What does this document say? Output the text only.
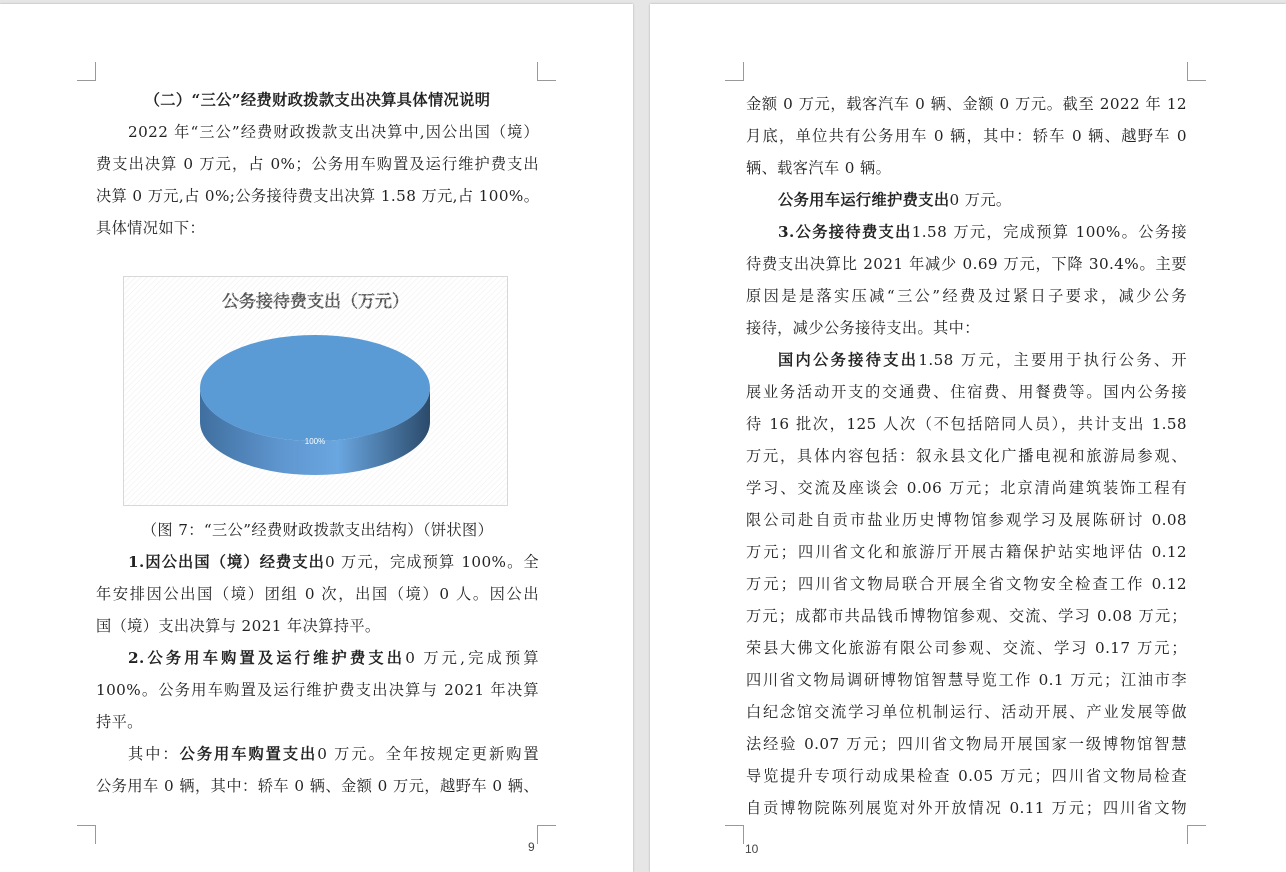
（二）“三公”经费财政拨款支出决算具体情况说明
2022 年“三公”经费财政拨款支出决算中,因公出国（境）
费支出决算 0 万元，占 0%；公务用车购置及运行维护费支出
决算 0 万元,占 0%;公务接待费支出决算 1.58 万元,占 100%。
具体情况如下：
100%
（图 7：“三公”经费财政拨款支出结构）（饼状图）
1.因公出国（境）经费支出0 万元，完成预算 100%。全
年安排因公出国（境）团组 0 次，出国（境）0 人。因公出
国（境）支出决算与 2021 年决算持平。
2.公务用车购置及运行维护费支出0 万元,完成预算
100%。公务用车购置及运行维护费支出决算与 2021 年决算
持平。
其中：公务用车购置支出0 万元。全年按规定更新购置
公务用车 0 辆，其中：轿车 0 辆、金额 0 万元，越野车 0 辆、
9
金额 0 万元，载客汽车 0 辆、金额 0 万元。截至 2022 年 12
月底，单位共有公务用车 0 辆，其中：轿车 0 辆、越野车 0
辆、载客汽车 0 辆。
公务用车运行维护费支出0 万元。
3.公务接待费支出1.58 万元，完成预算 100%。公务接
待费支出决算比 2021 年减少 0.69 万元，下降 30.4%。主要
原因是是落实压减“三公”经费及过紧日子要求，减少公务
接待，减少公务接待支出。其中：
国内公务接待支出1.58 万元，主要用于执行公务、开
展业务活动开支的交通费、住宿费、用餐费等。国内公务接
待 16 批次，125 人次（不包括陪同人员），共计支出 1.58
万元，具体内容包括：叙永县文化广播电视和旅游局参观、
学习、交流及座谈会 0.06 万元；北京清尚建筑装饰工程有
限公司赴自贡市盐业历史博物馆参观学习及展陈研讨 0.08
万元；四川省文化和旅游厅开展古籍保护站实地评估 0.12
万元；四川省文物局联合开展全省文物安全检查工作 0.12
万元；成都市共品钱币博物馆参观、交流、学习 0.08 万元；
荣县大佛文化旅游有限公司参观、交流、学习 0.17 万元；
四川省文物局调研博物馆智慧导览工作 0.1 万元；江油市李
白纪念馆交流学习单位机制运行、活动开展、产业发展等做
法经验 0.07 万元；四川省文物局开展国家一级博物馆智慧
导览提升专项行动成果检查 0.05 万元；四川省文物局检查
自贡博物院陈列展览对外开放情况 0.11 万元；四川省文物
10
